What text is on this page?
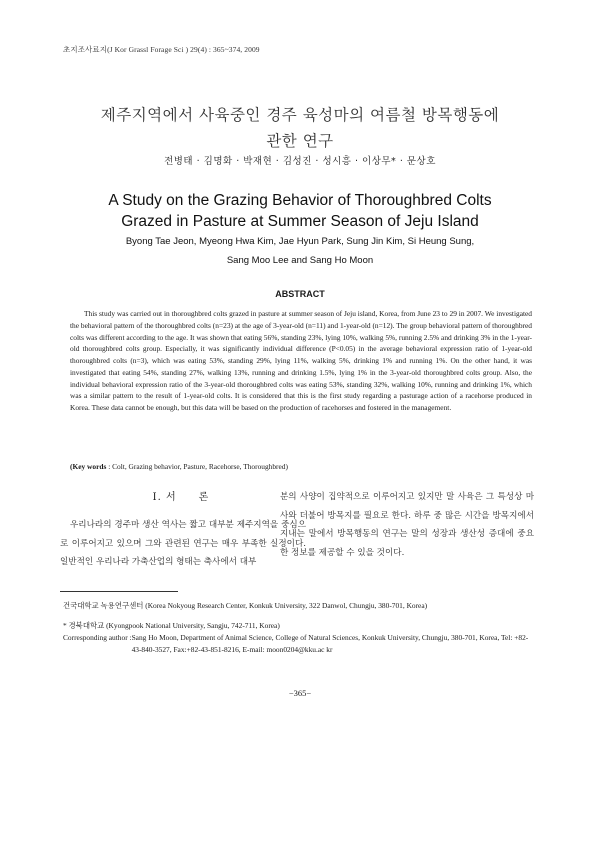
초지조사료지(J Kor Grassl Forage Sci ) 29(4) : 365~374, 2009
제주지역에서 사육중인 경주 육성마의 여름철 방목행동에
관한 연구
전병태 · 김명화 · 박재현 · 김성진 · 성시흥 · 이상무* · 문상호
A Study on the Grazing Behavior of Thoroughbred Colts
Grazed in Pasture at Summer Season of Jeju Island
Byong Tae Jeon, Myeong Hwa Kim, Jae Hyun Park, Sung Jin Kim, Si Heung Sung,
Sang Moo Lee and Sang Ho Moon
ABSTRACT
This study was carried out in thoroughbred colts grazed in pasture at summer season of Jeju island, Korea, from June 23 to 29 in 2007. We investigated the behavioral pattern of the thoroughbred colts (n=23) at the age of 3-year-old (n=11) and 1-year-old (n=12). The group behavioral pattern of thoroughbred colts was different according to the age. It was shown that eating 56%, standing 23%, lying 10%, walking 5%, running 2.5% and drinking 3% in the 1-year-old thoroughbred colts group. Especially, it was significantly individual difference (P<0.05) in the average behavioral expression ratio of 1-year-old thoroughbred colts (n=3), which was eating 53%, standing 29%, lying 11%, walking 5%, drinking 1% and running 1%. On the other hand, it was investigated that eating 54%, standing 27%, walking 13%, running and drinking 1.5%, lying 1% in the 3-year-old thoroughbred colts group. Also, the individual behavioral expression ratio of the 3-year-old thoroughbred colts was eating 53%, standing 32%, walking 10%, running and drinking 1%, which was a similar pattern to the result of 1-year-old colts. It is considered that this is the first study regarding a pasturage action of a racehorse produced in Korea. These data cannot be enough, but this data will be based on the production of racehorses and fostered in the management.
(Key words : Colt, Grazing behavior, Pasture, Racehorse, Thoroughbred)
Ⅰ. 서　　론
우리나라의 경주마 생산 역사는 짧고 대부분 제주지역을 중심으로 이루어지고 있으며 그와 관련된 연구는 매우 부족한 실정이다. 일반적인 우리나라 가축산업의 형태는 축사에서 대부
분의 사양이 집약적으로 이루어지고 있지만 말 사육은 그 특성상 마사와 더불어 방목지를 필요로 한다. 하루 중 많은 시간을 방목지에서 지내는 말에서 방목행동의 연구는 말의 성장과 생산성 증대에 중요한 정보를 제공할 수 있을 것이다.
건국대학교 녹용연구센터 (Korea Nokyoug Research Center, Konkuk University, 322 Danwol, Chungju, 380-701, Korea)
* 경북대학교 (Kyongpook National University, Sangju, 742-711, Korea)
Corresponding author : Sang Ho Moon, Department of Animal Science, College of Natural Sciences, Konkuk University, Chungju, 380-701, Korea, Tel: +82-43-840-3527, Fax:+82-43-851-8216, E-mail: moon0204@kku.ac kr
−365−
